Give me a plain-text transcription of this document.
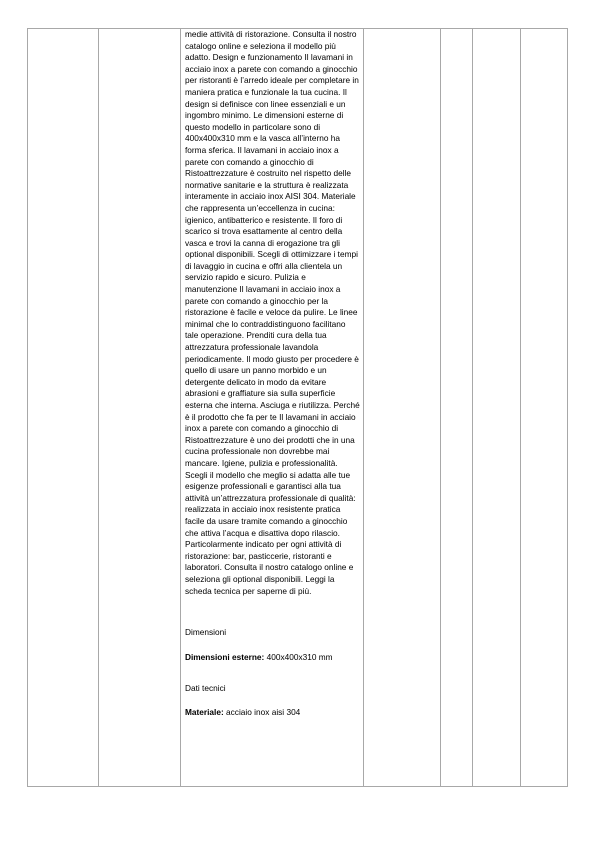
medie attività di ristorazione. Consulta il nostro catalogo online e seleziona il modello più adatto. Design e funzionamento Il lavamani in acciaio inox a parete con comando a ginocchio per ristoranti è l’arredo ideale per completare in maniera pratica e funzionale la tua cucina. Il design si definisce con linee essenziali e un ingombro minimo. Le dimensioni esterne di questo modello in particolare sono di 400x400x310 mm e la vasca all’interno ha forma sferica. Il lavamani in acciaio inox a parete con comando a ginocchio di Ristoattrezzature è costruito nel rispetto delle normative sanitarie e la struttura è realizzata interamente in acciaio inox AISI 304. Materiale che rappresenta un’eccellenza in cucina: igienico, antibatterico e resistente. Il foro di scarico si trova esattamente al centro della vasca e trovi la canna di erogazione tra gli optional disponibili. Scegli di ottimizzare i tempi di lavaggio in cucina e offri alla clientela un servizio rapido e sicuro. Pulizia e manutenzione Il lavamani in acciaio inox a parete con comando a ginocchio per la ristorazione è facile e veloce da pulire. Le linee minimal che lo contraddistinguono facilitano tale operazione. Prenditi cura della tua attrezzatura professionale lavandola periodicamente. Il modo giusto per procedere è quello di usare un panno morbido e un detergente delicato in modo da evitare abrasioni e graffiature sia sulla superficie esterna che interna. Asciuga e riutilizza. Perché è il prodotto che fa per te Il lavamani in acciaio inox a parete con comando a ginocchio di Ristoattrezzature è uno dei prodotti che in una cucina professionale non dovrebbe mai mancare. Igiene, pulizia e professionalità. Scegli il modello che meglio si adatta alle tue esigenze professionali e garantisci alla tua attività un’attrezzatura professionale di qualità: realizzata in acciaio inox resistente pratica facile da usare tramite comando a ginocchio che attiva l’acqua e disattiva dopo rilascio. Particolarmente indicato per ogni attività di ristorazione: bar, pasticcerie, ristoranti e laboratori. Consulta il nostro catalogo online e seleziona gli optional disponibili. Leggi la scheda tecnica per saperne di più.

Dimensioni

Dimensioni esterne: 400x400x310 mm

Dati tecnici

Materiale: acciaio inox aisi 304
